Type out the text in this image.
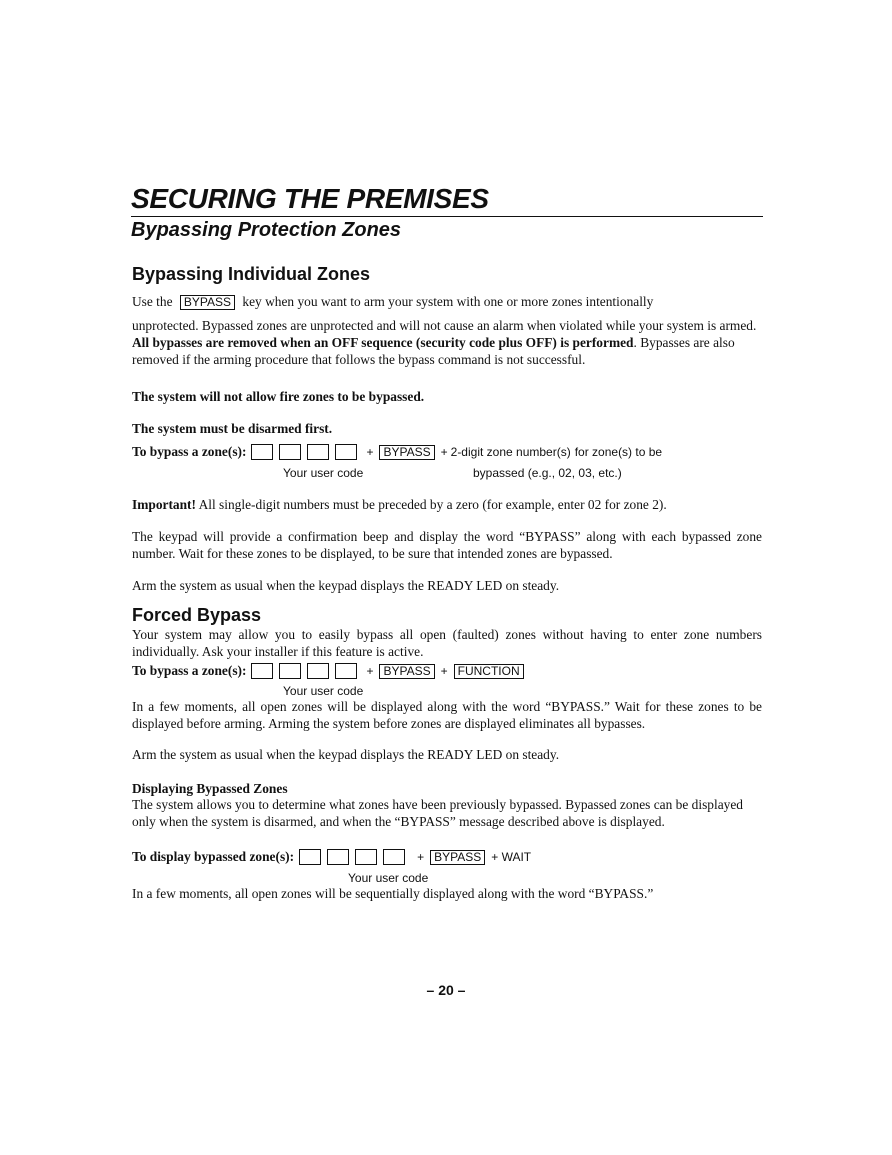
SECURING THE PREMISES
Bypassing Protection Zones
Bypassing Individual Zones
Use the BYPASS key when you want to arm your system with one or more zones intentionally
unprotected. Bypassed zones are unprotected and will not cause an alarm when violated while your system is armed. All bypasses are removed when an OFF sequence (security code plus OFF) is performed. Bypasses are also removed if the arming procedure that follows the bypass command is not successful.
The system will not allow fire zones to be bypassed.
The system must be disarmed first.
To bypass a zone(s):	+ BYPASS + 2-digit zone number(s) for zone(s) to be
Your user code	bypassed (e.g., 02, 03, etc.)
Important! All single-digit numbers must be preceded by a zero (for example, enter 02 for zone 2).
The keypad will provide a confirmation beep and display the word “BYPASS” along with each bypassed zone number. Wait for these zones to be displayed, to be sure that intended zones are bypassed.
Arm the system as usual when the keypad displays the READY LED on steady.
Forced Bypass
Your system may allow you to easily bypass all open (faulted) zones without having to enter zone numbers individually. Ask your installer if this feature is active.
To bypass a zone(s):	+ BYPASS + FUNCTION
Your user code
In a few moments, all open zones will be displayed along with the word “BYPASS.” Wait for these zones to be displayed before arming. Arming the system before zones are displayed eliminates all bypasses.
Arm the system as usual when the keypad displays the READY LED on steady.
Displaying Bypassed Zones
The system allows you to determine what zones have been previously bypassed. Bypassed zones can be displayed only when the system is disarmed, and when the “BYPASS” message described above is displayed.
To display bypassed zone(s):	+ BYPASS + WAIT
Your user code
In a few moments, all open zones will be sequentially displayed along with the word “BYPASS.”
– 20 –
